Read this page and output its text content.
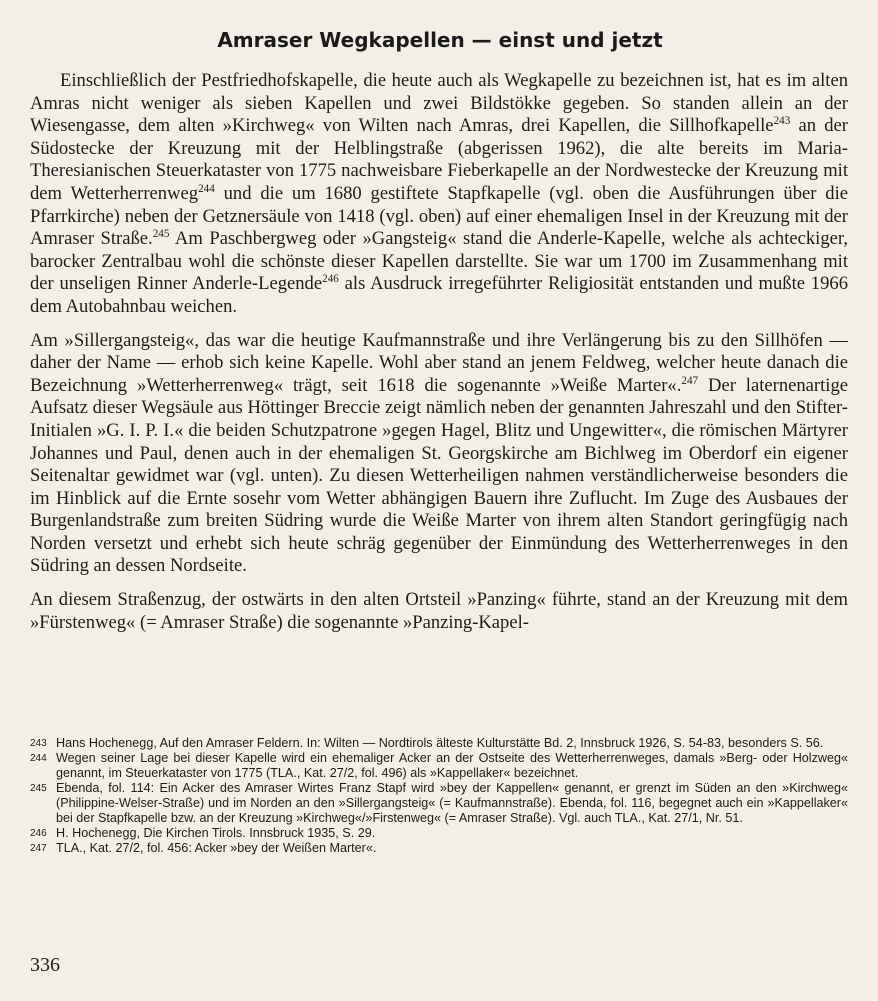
Amraser Wegkapellen — einst und jetzt

Einschließlich der Pestfriedhofskapelle, die heute auch als Wegkapelle zu bezeichnen ist, hat es im alten Amras nicht weniger als sieben Kapellen und zwei Bildstökke gegeben. So standen allein an der Wiesengasse, dem alten »Kirchweg« von Wilten nach Amras, drei Kapellen, die Sillhofkapelle$^{243}$ an der Südostecke der Kreuzung mit der Helblingstraße (abgerissen 1962), die alte bereits im Maria-Theresianischen Steuerkataster von 1775 nachweisbare Fieberkapelle an der Nordwestecke der Kreuzung mit dem Wetterherrenweg$^{244}$ und die um 1680 gestiftete Stapfkapelle (vgl. oben die Ausführungen über die Pfarrkirche) neben der Getznersäule von 1418 (vgl. oben) auf einer ehemaligen Insel in der Kreuzung mit der Amraser Straße.$^{245}$ Am Paschbergweg oder »Gangsteig« stand die Anderle-Kapelle, welche als achteckiger, barocker Zentralbau wohl die schönste dieser Kapellen darstellte. Sie war um 1700 im Zusammenhang mit der unseligen Rinner Anderle-Legende$^{246}$ als Ausdruck irregeführter Religiosität entstanden und mußte 1966 dem Autobahnbau weichen.

Am »Sillergangsteig«, das war die heutige Kaufmannstraße und ihre Verlängerung bis zu den Sillhöfen — daher der Name — erhob sich keine Kapelle. Wohl aber stand an jenem Feldweg, welcher heute danach die Bezeichnung »Wetterherrenweg« trägt, seit 1618 die sogenannte »Weiße Marter«.$^{247}$ Der laternenartige Aufsatz dieser Wegsäule aus Höttinger Breccie zeigt nämlich neben der genannten Jahreszahl und den Stifter-Initialen »G. I. P. I.« die beiden Schutzpatrone »gegen Hagel, Blitz und Ungewitter«, die römischen Märtyrer Johannes und Paul, denen auch in der ehemaligen St. Georgskirche am Bichlweg im Oberdorf ein eigener Seitenaltar gewidmet war (vgl. unten). Zu diesen Wetterheiligen nahmen verständlicherweise besonders die im Hinblick auf die Ernte sosehr vom Wetter abhängigen Bauern ihre Zuflucht. Im Zuge des Ausbaues der Burgenlandstraße zum breiten Südring wurde die Weiße Marter von ihrem alten Standort geringfügig nach Norden versetzt und erhebt sich heute schräg gegenüber der Einmündung des Wetterherrenweges in den Südring an dessen Nordseite.

An diesem Straßenzug, der ostwärts in den alten Ortsteil »Panzing« führte, stand an der Kreuzung mit dem »Fürstenweg« (= Amraser Straße) die sogenannte »Panzing-Kapel-

243 Hans Hochenegg, Auf den Amraser Feldern. In: Wilten — Nordtirols älteste Kulturstätte Bd. 2, Innsbruck 1926, S. 54-83, besonders S. 56.

244 Wegen seiner Lage bei dieser Kapelle wird ein ehemaliger Acker an der Ostseite des Wetterherrenweges, damals »Berg- oder Holzweg« genannt, im Steuerkataster von 1775 (TLA., Kat. 27/2, fol. 496) als »Kappellaker« bezeichnet.

245 Ebenda, fol. 114: Ein Acker des Amraser Wirtes Franz Stapf wird »bey der Kappellen« genannt, er grenzt im Süden an den »Kirchweg« (Philippine-Welser-Straße) und im Norden an den »Sillergangsteig« (= Kaufmannstraße). Ebenda, fol. 116, begegnet auch ein »Kappellaker« bei der Stapfkapelle bzw. an der Kreuzung »Kirchweg«/»Firstenweg« (= Amraser Straße). Vgl. auch TLA., Kat. 27/1, Nr. 51.

246 H. Hochenegg, Die Kirchen Tirols. Innsbruck 1935, S. 29.

247 TLA., Kat. 27/2, fol. 456: Acker »bey der Weißen Marter«.

336
